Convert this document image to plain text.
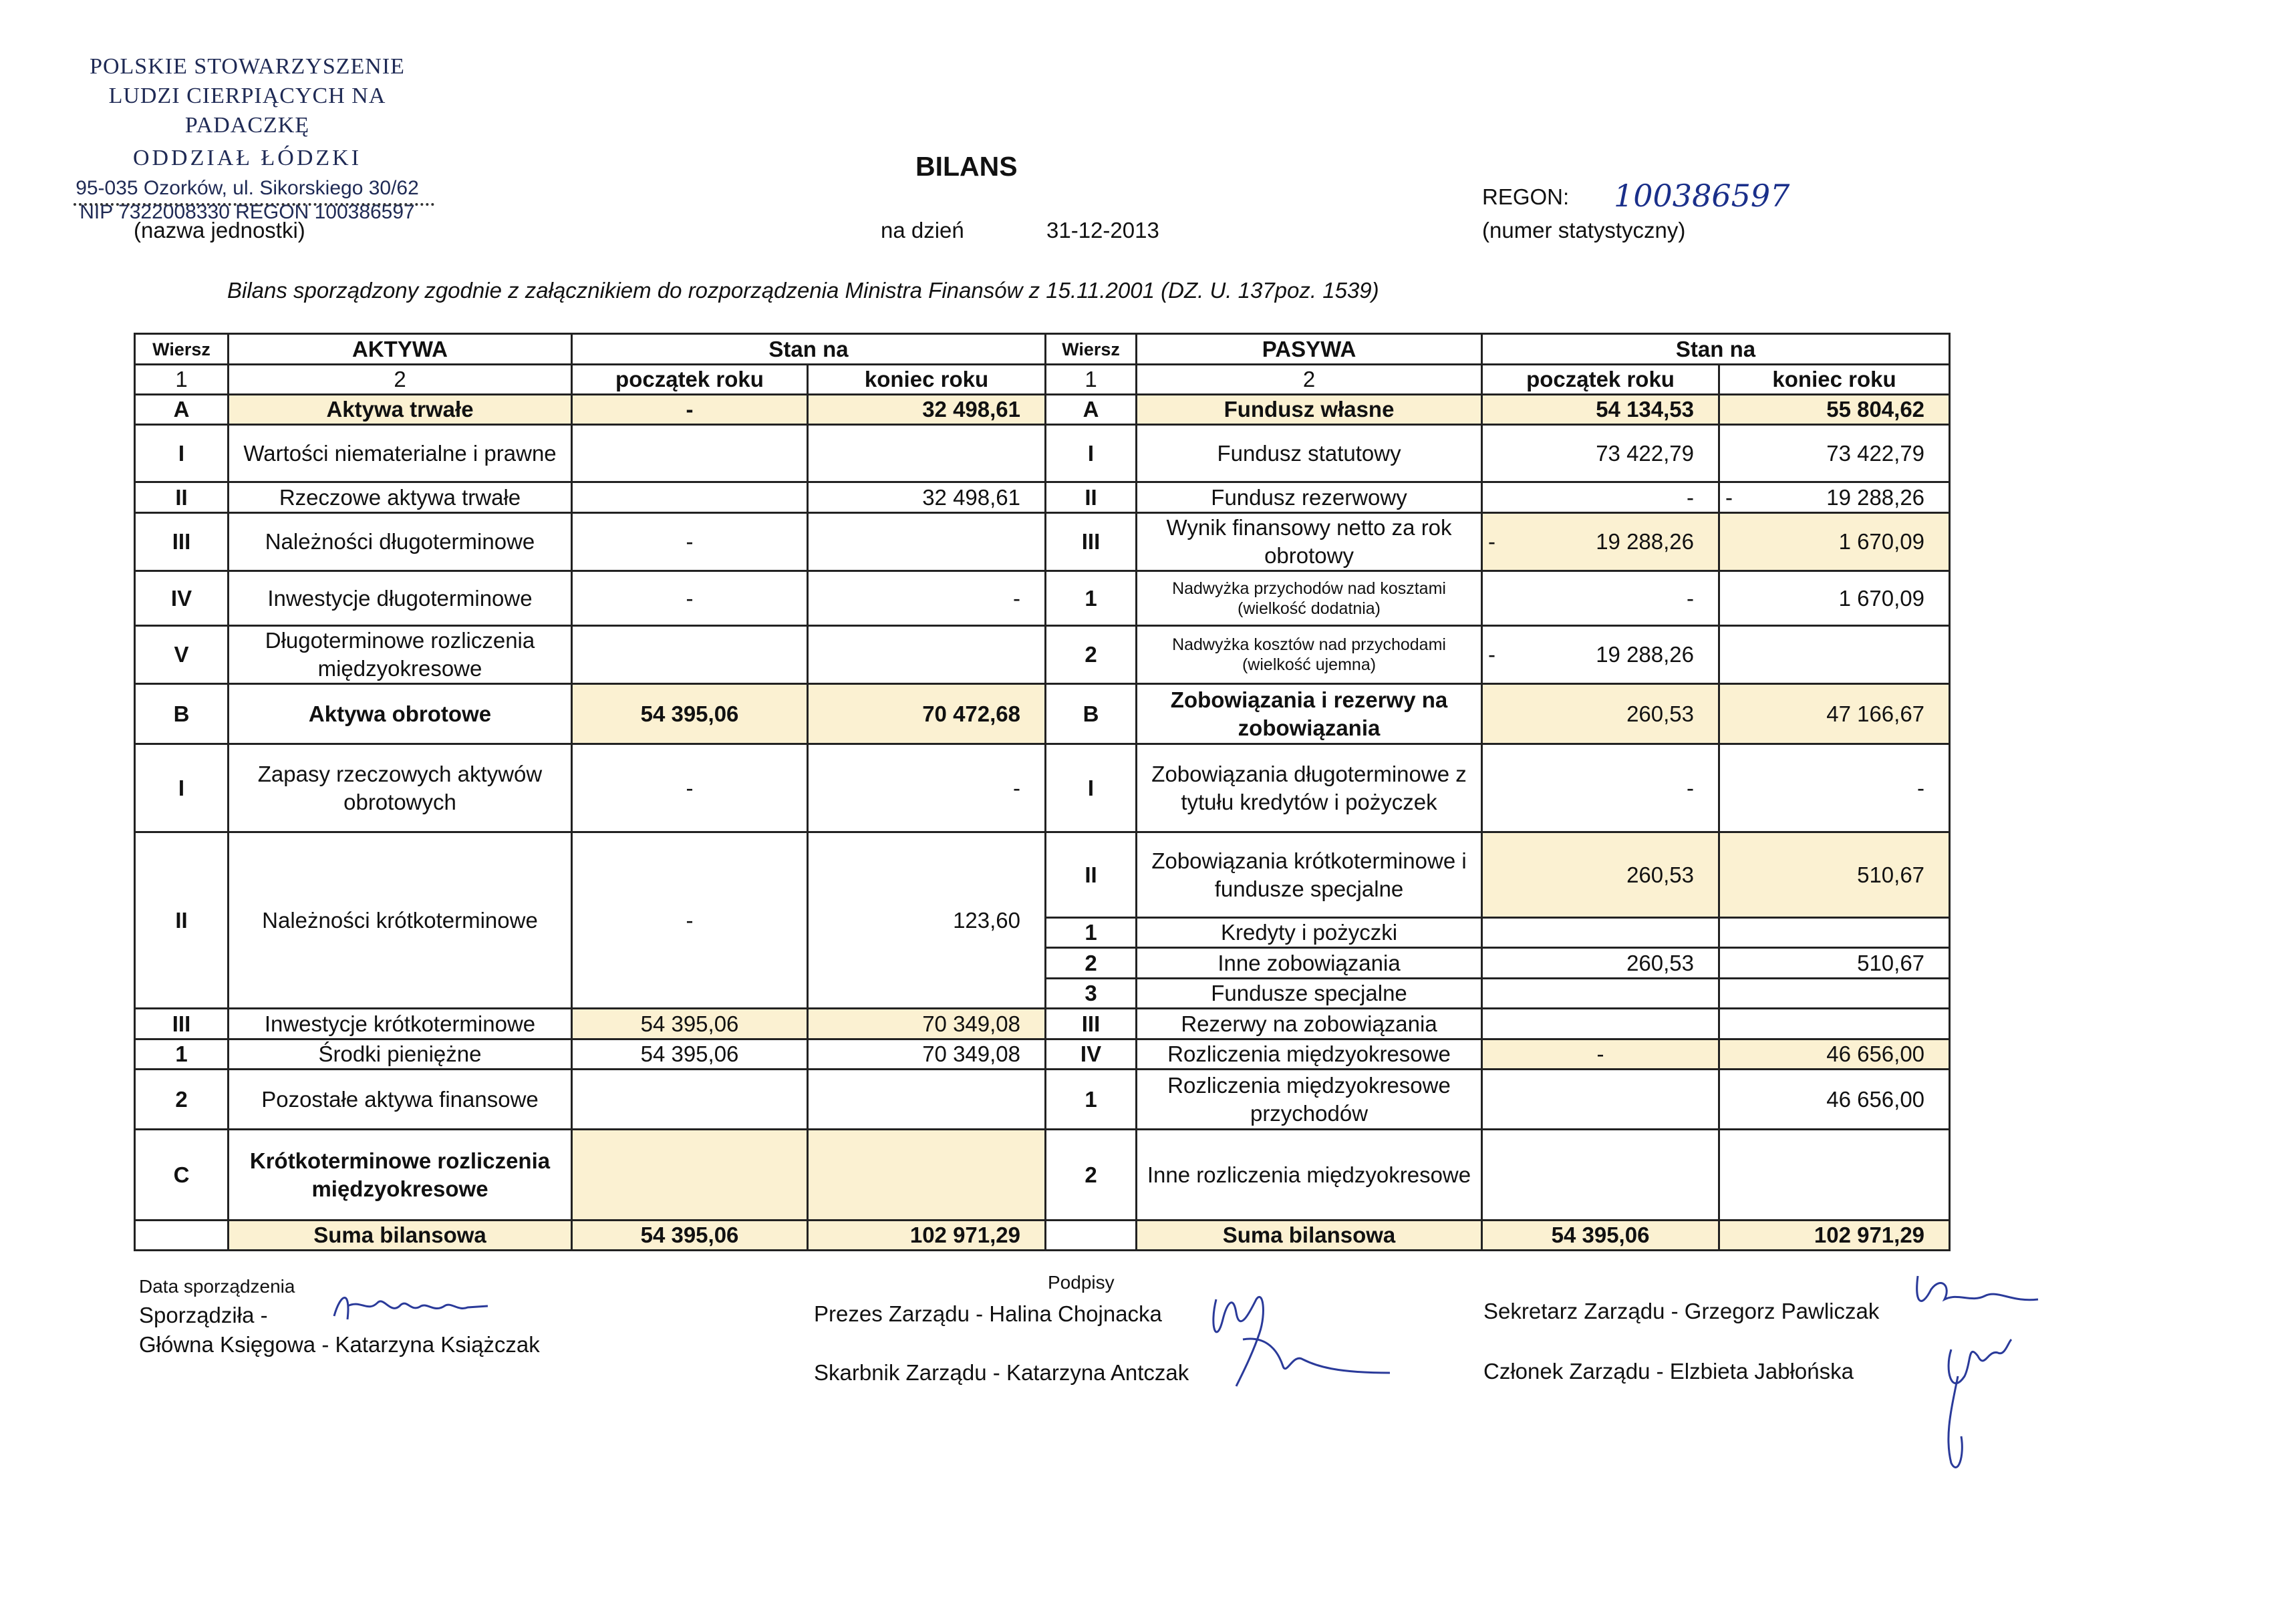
POLSKIE STOWARZYSZENIE
LUDZI CIERPIĄCYCH NA PADACZKĘ
ODDZIAŁ ŁÓDZKI
95-035 Ozorków, ul. Sikorskiego 30/62
NIP 7322008330 REGON 100386597
(nazwa jednostki)
BILANS
na dzień	31-12-2013
REGON: 100386597
(numer statystyczny)
Bilans sporządzony zgodnie z załącznikiem do rozporządzenia Ministra Finansów z 15.11.2001 (DZ. U. 137poz. 1539)
Wiersz	AKTYWA	Stan na		Wiersz	PASYWA	Stan na	
1	2	początek roku	koniec roku	1	2	początek roku	koniec roku
A	Aktywa trwałe	-	32 498,61	A	Fundusz własne	54 134,53	55 804,62
I	Wartości niematerialne i prawne			I	Fundusz statutowy	73 422,79	73 422,79
II	Rzeczowe aktywa trwałe		32 498,61	II	Fundusz rezerwowy	-	- 19 288,26
III	Należności długoterminowe	-		III	Wynik finansowy netto za rok obrotowy	- 19 288,26	1 670,09
IV	Inwestycje długoterminowe	-	-	1	Nadwyżka przychodów nad kosztami (wielkość dodatnia)	-	1 670,09
V	Długoterminowe rozliczenia międzyokresowe			2	Nadwyżka kosztów nad przychodami (wielkość ujemna)	- 19 288,26	
B	Aktywa obrotowe	54 395,06	70 472,68	B	Zobowiązania i rezerwy na zobowiązania	260,53	47 166,67
I	Zapasy rzeczowych aktywów obrotowych	-	-	I	Zobowiązania długoterminowe z tytułu kredytów i pożyczek	-	-
II	Należności krótkoterminowe	-	123,60	II	Zobowiązania krótkoterminowe i fundusze specjalne	260,53	510,67
				1	Kredyty i pożyczki		
				2	Inne zobowiązania	260,53	510,67
				3	Fundusze specjalne		
III	Inwestycje krótkoterminowe	54 395,06	70 349,08	III	Rezerwy na zobowiązania		
1	Środki pieniężne	54 395,06	70 349,08	IV	Rozliczenia międzyokresowe	-	46 656,00
2	Pozostałe aktywa finansowe			1	Rozliczenia międzyokresowe przychodów		46 656,00
C	Krótkoterminowe rozliczenia międzyokresowe			2	Inne rozliczenia międzyokresowe		
	Suma bilansowa	54 395,06	102 971,29		Suma bilansowa	54 395,06	102 971,29
Data sporządzenia
Sporządziła -
Główna Księgowa - Katarzyna Książczak
Podpisy
Prezes Zarządu - Halina Chojnacka
Skarbnik Zarządu - Katarzyna Antczak
Sekretarz Zarządu - Grzegorz Pawliczak
Członek Zarządu - Elzbieta Jabłońska
